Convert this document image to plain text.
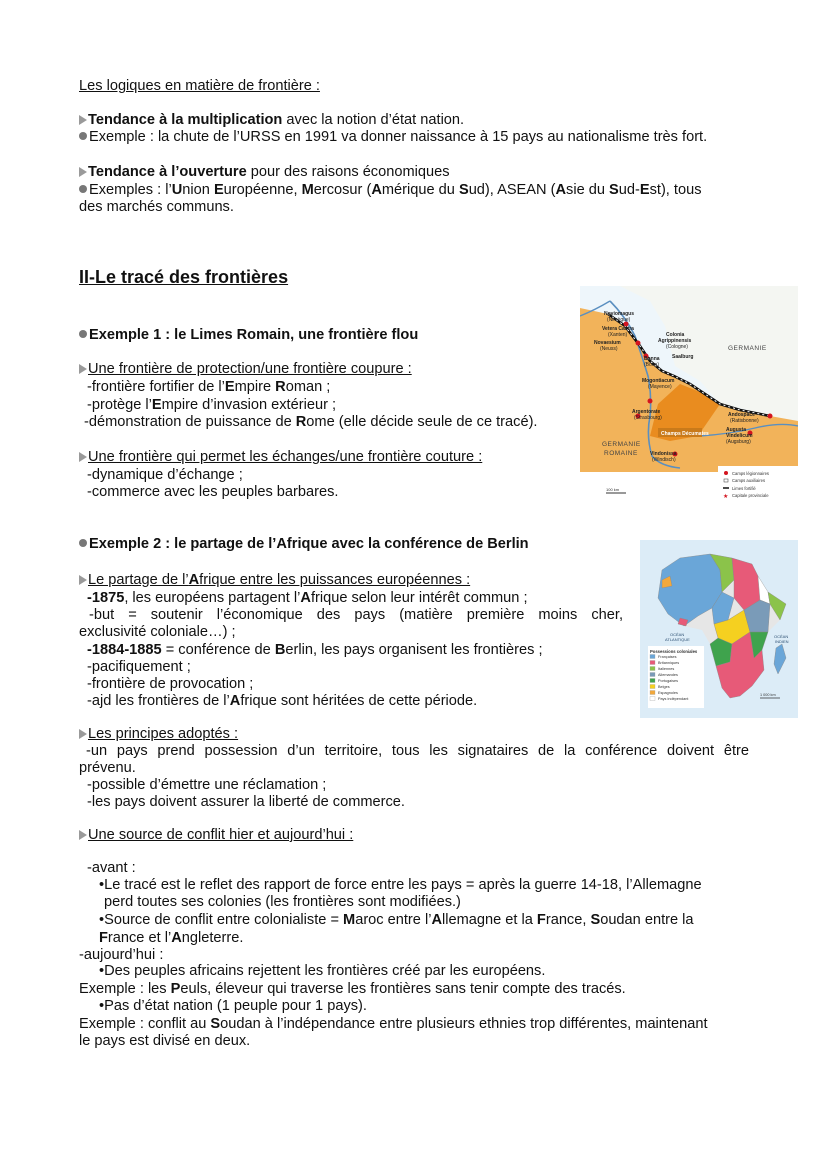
Les logiques en matière de frontière :
Tendance à la multiplication avec la notion d’état nation.
Exemple : la chute de l’URSS en 1991 va donner naissance à 15 pays au nationalisme très fort.
Tendance à l’ouverture pour des raisons économiques
Exemples : l’Union Européenne, Mercosur (Amérique du Sud), ASEAN (Asie du Sud-Est), tous
des marchés communs.
II-Le tracé des frontières
Exemple 1 : le Limes Romain, une frontière flou
Une frontière de protection/une frontière coupure :
-frontière fortifier de l’Empire Roman ;
-protège l’Empire d’invasion extérieur ;
-démonstration de puissance de Rome (elle décide seule de ce tracé).
Une frontière qui permet les échanges/une frontière couture :
-dynamique d’échange ;
-commerce avec les peuples barbares.
Noviomagus
(Nimègue)
Vetera Castra
(Xanten)
Novaesium
(Neuss)
Colonia
Agrippinensis
(Cologne)
Bonna
(Bonn)
Saalburg
Mogontiacum
(Mayence)
Argentorate
(Strasbourg)	Andospace
(Ratisbonne)
Augusta
Vindelicum
(Augsburg)
Vindonissa
(Windisch)
Champs Décumates
GERMANIE
GERMANIE
ROMAINE
Camps légionnaires
Camps auxiliaires
Limes fortifié
★ Capitale provinciale
100 km
Exemple 2 : le partage de l’Afrique avec la conférence de Berlin
Le partage de l’Afrique entre les puissances européennes :
-1875, les européens partagent l’Afrique selon leur intérêt commun ;
-but = soutenir l’économique des pays (matière première moins cher,
exclusivité coloniale…) ;
-1884-1885 = conférence de Berlin, les pays organisent les frontières ;
-pacifiquement ;
-frontière de provocation ;
-ajd les frontières de l’Afrique sont héritées de cette période.
Les principes adoptés :
-un pays prend possession d’un territoire, tous les signataires de la conférence doivent être
prévenu.
-possible d’émettre une réclamation ;
-les pays doivent assurer la liberté de commerce.
Une source de conflit hier et aujourd’hui :
-avant :
•Le tracé est le reflet des rapport de force entre les pays = après la guerre 14-18, l’Allemagne
perd toutes ses colonies (les frontières sont modifiées.)
•Source de conflit entre colonialiste = Maroc entre l’Allemagne et la France, Soudan entre la
France et l’Angleterre.
-aujourd’hui :
•Des peuples africains rejettent les frontières créé par les européens.
Exemple : les Peuls, éleveur qui traverse les frontières sans tenir compte des tracés.
•Pas d’état nation (1 peuple pour 1 pays).
Exemple : conflit au Soudan à l’indépendance entre plusieurs ethnies trop différentes, maintenant
le pays est divisé en deux.
OCÉAN
ATLANTIQUE
OCÉAN
INDIEN
Possessions coloniales
Françaises
Britanniques
Italiennes
Allemandes
Portugaises
Belges
Espagnoles
Pays indépendant
1 000 km
